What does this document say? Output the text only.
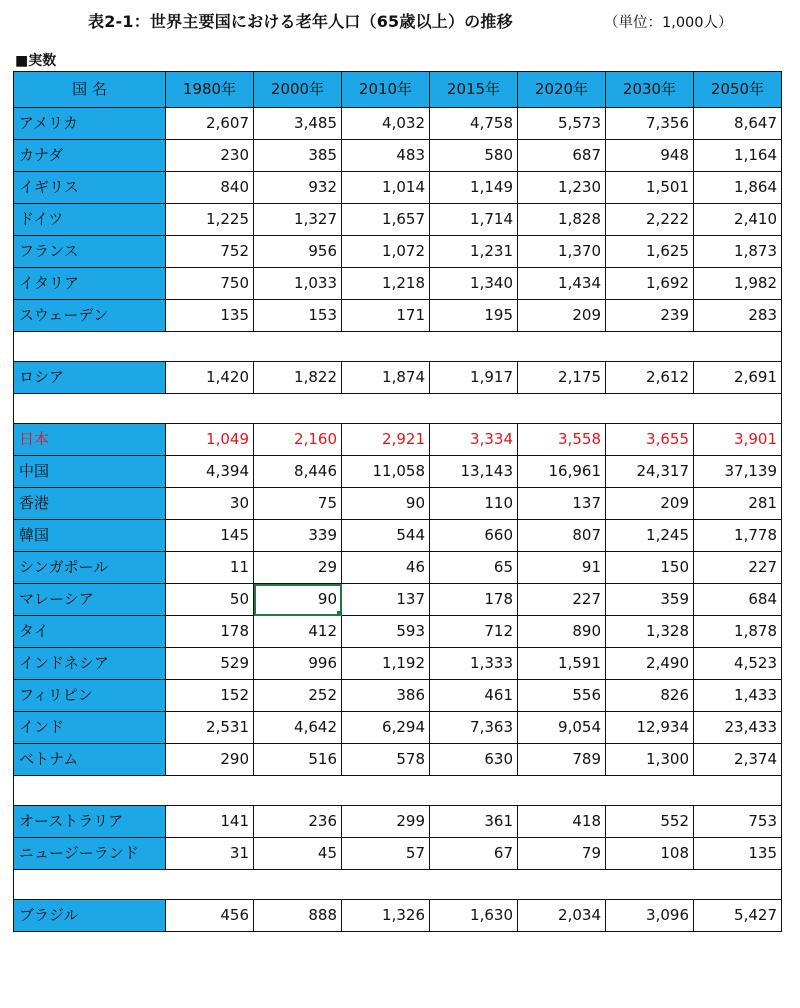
表2-1：世界主要国における老年人口（65歳以上）の推移	（単位：1,000人）
■実数
国 名	1980年	2000年	2010年	2015年	2020年	2030年	2050年
アメリカ	2,607	3,485	4,032	4,758	5,573	7,356	8,647
カナダ	230	385	483	580	687	948	1,164
イギリス	840	932	1,014	1,149	1,230	1,501	1,864
ドイツ	1,225	1,327	1,657	1,714	1,828	2,222	2,410
フランス	752	956	1,072	1,231	1,370	1,625	1,873
イタリア	750	1,033	1,218	1,340	1,434	1,692	1,982
スウェーデン	135	153	171	195	209	239	283

ロシア	1,420	1,822	1,874	1,917	2,175	2,612	2,691

日本	1,049	2,160	2,921	3,334	3,558	3,655	3,901
中国	4,394	8,446	11,058	13,143	16,961	24,317	37,139
香港	30	75	90	110	137	209	281
韓国	145	339	544	660	807	1,245	1,778
シンガポール	11	29	46	65	91	150	227
マレーシア	50	90	137	178	227	359	684
タイ	178	412	593	712	890	1,328	1,878
インドネシア	529	996	1,192	1,333	1,591	2,490	4,523
フィリピン	152	252	386	461	556	826	1,433
インド	2,531	4,642	6,294	7,363	9,054	12,934	23,433
ベトナム	290	516	578	630	789	1,300	2,374

オーストラリア	141	236	299	361	418	552	753
ニュージーランド	31	45	57	67	79	108	135

ブラジル	456	888	1,326	1,630	2,034	3,096	5,427
